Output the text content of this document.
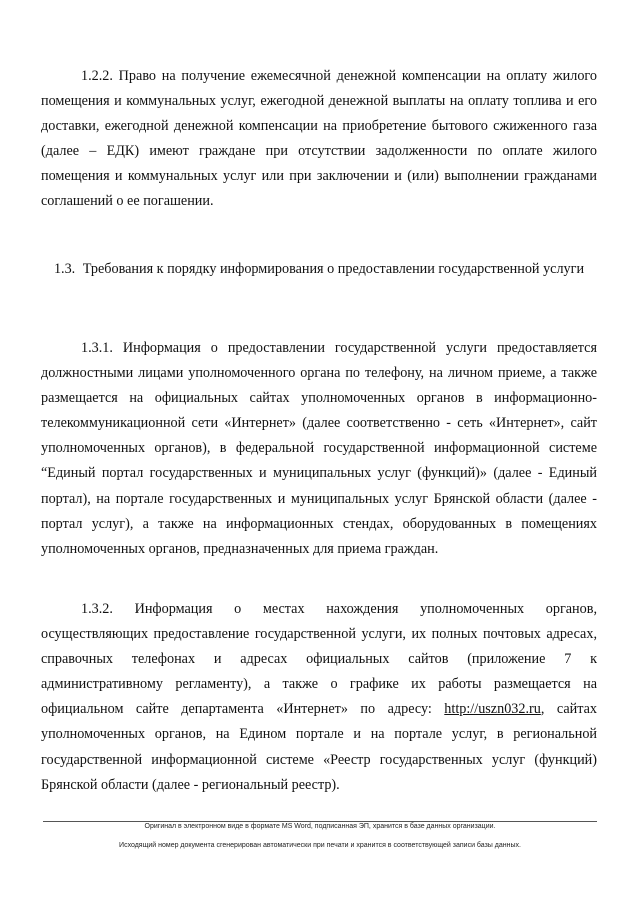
1.2.2. Право на получение ежемесячной денежной компенсации на оплату жилого помещения и коммунальных услуг, ежегодной денежной выплаты на оплату топлива и его доставки, ежегодной денежной компенсации на приобретение бытового сжиженного газа (далее – ЕДК) имеют граждане при отсутствии задолженности по оплате жилого помещения и коммунальных услуг или при заключении и (или) выполнении гражданами соглашений о ее погашении.

1.3. Требования к порядку информирования о предоставлении государственной услуги

1.3.1. Информация о предоставлении государственной услуги предоставляется должностными лицами уполномоченного органа по телефону, на личном приеме, а также размещается на официальных сайтах уполномоченных органов в информационно-телекоммуникационной сети «Интернет» (далее соответственно - сеть «Интернет», сайт уполномоченных органов), в федеральной государственной информационной системе “Единый портал государственных и муниципальных услуг (функций)» (далее - Единый портал), на портале государственных и муниципальных услуг Брянской области (далее - портал услуг), а также на информационных стендах, оборудованных в помещениях уполномоченных органов, предназначенных для приема граждан.

1.3.2. Информация о местах нахождения уполномоченных органов, осуществляющих предоставление государственной услуги, их полных почтовых адресах, справочных телефонах и адресах официальных сайтов (приложение 7 к административному регламенту), а также о графике их работы размещается на официальном сайте департамента «Интернет» по адресу: http://uszn032.ru, сайтах уполномоченных органов, на Едином портале и на портале услуг, в региональной государственной информационной системе «Реестр государственных услуг (функций) Брянской области (далее - региональный реестр).

Оригинал в электронном виде в формате MS Word, подписанная ЭП, хранится в базе данных организации.

Исходящий номер документа сгенерирован автоматически при печати и хранится в соответствующей записи базы данных.
